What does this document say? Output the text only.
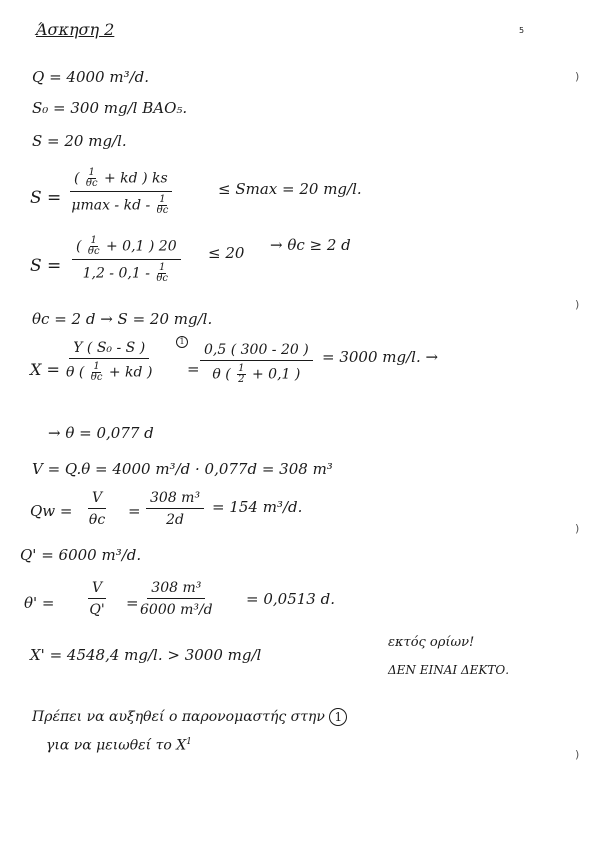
Άσκηση 2	5
)
)
)
)
Q = 4000 m³/d.
S₀ = 300 mg/l BAO₅.
S = 20 mg/l.
S =
( $\frac{1}{\theta c}$ + kd ) ks
μmax - kd - $\frac{1}{\theta c}$
≤ Smax = 20 mg/l.
$S = \frac{( \frac{1}{\theta c} + 0,1 ) 20}{1,2 - 0,1 - \frac{1}{\theta c}} \le 20 \to \theta c \ge 2$ d
θc = 2 d → S = 20 mg/l.
$X = \frac{\text{Y ( S₀ - S )}}{\theta ( \frac{1}{\theta c} + kd )}$	1
= $\frac{0,5 ( 300 - 20 )}{\theta ( \frac{1}{2} + 0,1 )} = 3000$ mg/l. →
→ θ = 0,077 d
V = Q.θ = 4000 m³/d · 0,077d = 308 m³
$Qw = \frac{V}{\theta c} = \frac{\text{308 m³}}{2d} = 154$ m³/d.
Q' = 6000 m³/d.
$\theta' = \frac{V}{Q'} = \frac{\text{308 m³}}{\text{6000 m³/d}} = 0,0513$ d.
X' = 4548,4 mg/l. > 3000 mg/l
εκτός ορίων!
ΔΕΝ ΕΙΝΑΙ ΔΕΚΤΟ.
Πρέπει να αυξηθεί ο παρονομαστής στην 1
για να μειωθεί το $X^1$
